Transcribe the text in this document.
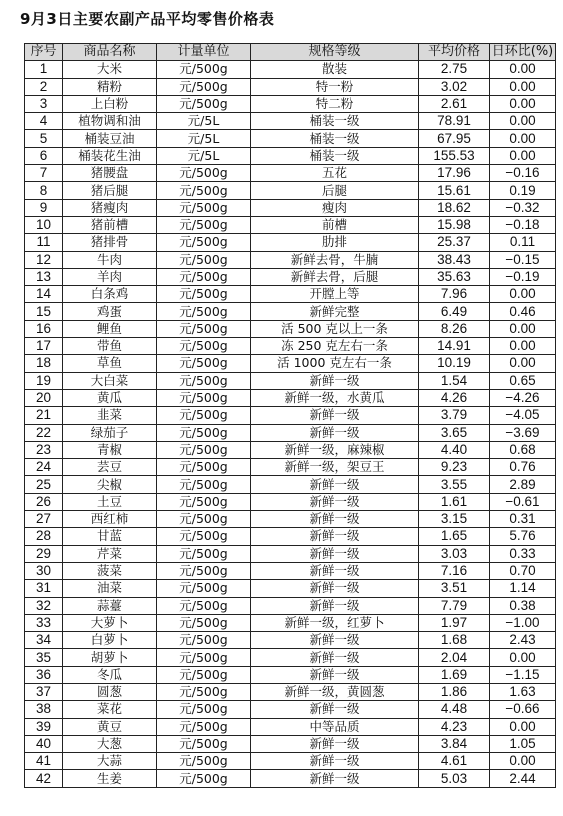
9月3日主要农副产品平均零售价格表
序号	商品名称	计量单位	规格等级	平均价格	日环比(%)
1	大米	元/500g	散装	2.75	0.00
2	精粉	元/500g	特一粉	3.02	0.00
3	上白粉	元/500g	特二粉	2.61	0.00
4	植物调和油	元/5L	桶装一级	78.91	0.00
5	桶装豆油	元/5L	桶装一级	67.95	0.00
6	桶装花生油	元/5L	桶装一级	155.53	0.00
7	猪腰盘	元/500g	五花	17.96	−0.16
8	猪后腿	元/500g	后腿	15.61	0.19
9	猪瘦肉	元/500g	瘦肉	18.62	−0.32
10	猪前槽	元/500g	前槽	15.98	−0.18
11	猪排骨	元/500g	肋排	25.37	0.11
12	牛肉	元/500g	新鲜去骨，牛腩	38.43	−0.15
13	羊肉	元/500g	新鲜去骨，后腿	35.63	−0.19
14	白条鸡	元/500g	开膛上等	7.96	0.00
15	鸡蛋	元/500g	新鲜完整	6.49	0.46
16	鲤鱼	元/500g	活 500 克以上一条	8.26	0.00
17	带鱼	元/500g	冻 250 克左右一条	14.91	0.00
18	草鱼	元/500g	活 1000 克左右一条	10.19	0.00
19	大白菜	元/500g	新鲜一级	1.54	0.65
20	黄瓜	元/500g	新鲜一级，水黄瓜	4.26	−4.26
21	韭菜	元/500g	新鲜一级	3.79	−4.05
22	绿茄子	元/500g	新鲜一级	3.65	−3.69
23	青椒	元/500g	新鲜一级，麻辣椒	4.40	0.68
24	芸豆	元/500g	新鲜一级，架豆王	9.23	0.76
25	尖椒	元/500g	新鲜一级	3.55	2.89
26	土豆	元/500g	新鲜一级	1.61	−0.61
27	西红柿	元/500g	新鲜一级	3.15	0.31
28	甘蓝	元/500g	新鲜一级	1.65	5.76
29	芹菜	元/500g	新鲜一级	3.03	0.33
30	菠菜	元/500g	新鲜一级	7.16	0.70
31	油菜	元/500g	新鲜一级	3.51	1.14
32	蒜薹	元/500g	新鲜一级	7.79	0.38
33	大萝卜	元/500g	新鲜一级，红萝卜	1.97	−1.00
34	白萝卜	元/500g	新鲜一级	1.68	2.43
35	胡萝卜	元/500g	新鲜一级	2.04	0.00
36	冬瓜	元/500g	新鲜一级	1.69	−1.15
37	圆葱	元/500g	新鲜一级，黄圆葱	1.86	1.63
38	菜花	元/500g	新鲜一级	4.48	−0.66
39	黄豆	元/500g	中等品质	4.23	0.00
40	大葱	元/500g	新鲜一级	3.84	1.05
41	大蒜	元/500g	新鲜一级	4.61	0.00
42	生姜	元/500g	新鲜一级	5.03	2.44
